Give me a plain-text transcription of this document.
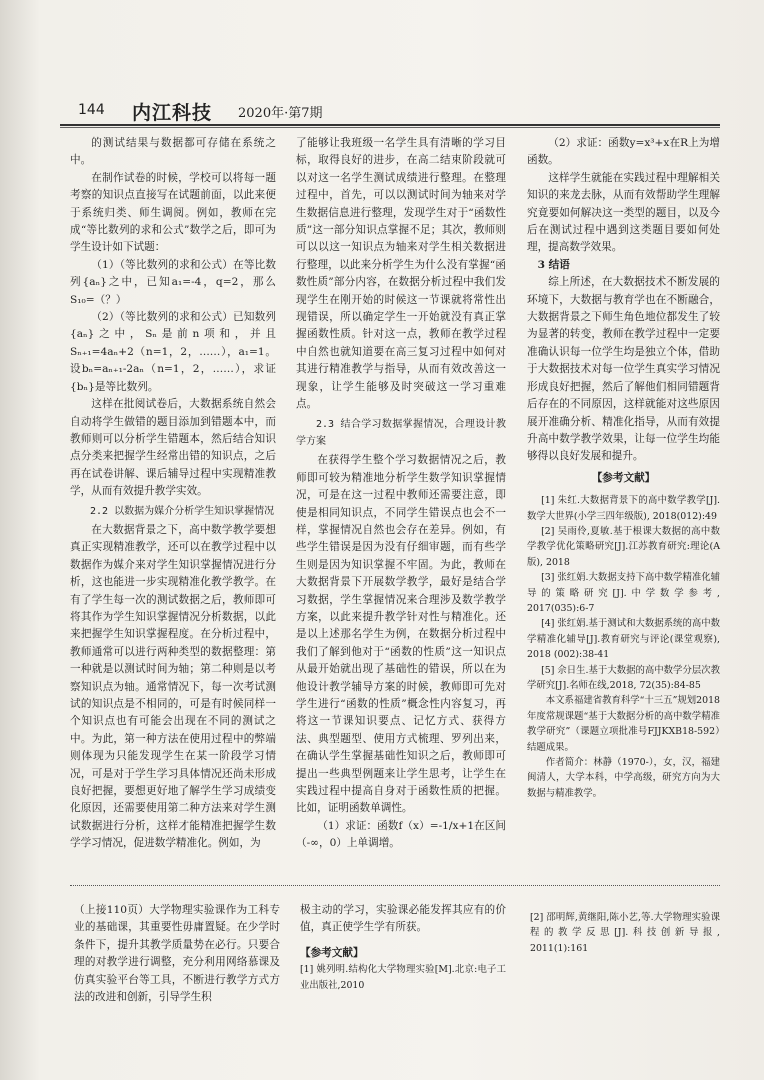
144 内江科技 2020年·第7期

的测试结果与数据都可存储在系统之中。

在制作试卷的时候，学校可以将每一题考察的知识点直接写在试题前面，以此来便于系统归类、师生调阅。例如，教师在完成“等比数列的求和公式”数学之后，即可为学生设计如下试题：

（1）（等比数列的求和公式）在等比数列{aₙ}之中，已知a₁=-4，q=2，那么S₁₀=（？）

（2）（等比数列的求和公式）已知数列{aₙ}之中，Sₙ是前n项和，并且Sₙ₊₁=4aₙ+2（n=1，2，……），a₁=1。设bₙ=aₙ₊₁-2aₙ（n=1，2，……），求证{bₙ}是等比数列。

这样在批阅试卷后，大数据系统自然会自动将学生做错的题目添加到错题本中，而教师则可以分析学生错题本，然后结合知识点分类来把握学生经常出错的知识点，之后再在试卷讲解、课后辅导过程中实现精准教学，从而有效提升教学实效。

2.2 以数据为媒介分析学生知识掌握情况

在大数据背景之下，高中数学教学要想真正实现精准教学，还可以在教学过程中以数据作为媒介来对学生知识掌握情况进行分析，这也能进一步实现精准化教学教学。在有了学生每一次的测试数据之后，教师即可将其作为学生知识掌握情况分析数据，以此来把握学生知识掌握程度。在分析过程中，教师通常可以进行两种类型的数据整理：第一种就是以测试时间为轴；第二种则是以考察知识点为轴。通常情况下，每一次考试测试的知识点是不相同的，可是有时候同样一个知识点也有可能会出现在不同的测试之中。为此，第一种方法在使用过程中的弊端则体现为只能发现学生在某一阶段学习情况，可是对于学生学习具体情况还尚未形成良好把握，要想更好地了解学生学习成绩变化原因，还需要使用第二种方法来对学生测试数据进行分析，这样才能精准把握学生数学学习情况，促进数学精准化。例如，为

了能够让我班级一名学生具有清晰的学习目标，取得良好的进步，在高二结束阶段就可以对这一名学生测试成绩进行整理。在整理过程中，首先，可以以测试时间为轴来对学生数据信息进行整理，发现学生对于“函数性质”这一部分知识点掌握不足；其次，教师则可以以这一知识点为轴来对学生相关数据进行整理，以此来分析学生为什么没有掌握“函数性质”部分内容，在数据分析过程中我们发现学生在刚开始的时候这一节课就将常性出现错误，所以确定学生一开始就没有真正掌握函数性质。针对这一点，教师在教学过程中自然也就知道要在高三复习过程中如何对其进行精准教学与指导，从而有效改善这一现象，让学生能够及时突破这一学习重难点。

2.3 结合学习数据掌握情况，合理设计教学方案

在获得学生整个学习数据情况之后，教师即可较为精准地分析学生数学知识掌握情况，可是在这一过程中教师还需要注意，即使是相同知识点，不同学生错误点也会不一样，掌握情况自然也会存在差异。例如，有些学生错误是因为没有仔细审题，而有些学生则是因为知识掌握不牢固。为此，教师在大数据背景下开展数学教学，最好是结合学习数据，学生掌握情况来合理涉及数学教学方案，以此来提升教学针对性与精准化。还是以上述那名学生为例，在数据分析过程中我们了解到他对于“函数的性质”这一知识点从最开始就出现了基础性的错误，所以在为他设计教学辅导方案的时候，教师即可先对学生进行“函数的性质”概念性内容复习，再将这一节课知识要点、记忆方式、获得方法、典型题型、使用方式梳理、罗列出来，在确认学生掌握基础性知识之后，教师即可提出一些典型例题来让学生思考，让学生在实践过程中提高自身对于函数性质的把握。比如，证明函数单调性。

（1）求证：函数f（x）=-1/x+1在区间（-∞，0）上单调增。

（2）求证：函数y=x³+x在R上为增函数。

这样学生就能在实践过程中理解相关知识的来龙去脉，从而有效帮助学生理解究竟要如何解决这一类型的题目，以及今后在测试过程中遇到这类题目要如何处理，提高数学效果。

3 结语

综上所述，在大数据技术不断发展的环境下，大数据与教育学也在不断融合，大数据背景之下师生角色地位都发生了较为显著的转变，教师在教学过程中一定要准确认识每一位学生均是独立个体，借助于大数据技术对每一位学生真实学习情况形成良好把握，然后了解他们相同错题背后存在的不同原因，这样就能对这些原因展开准确分析、精准化指导，从而有效提升高中数学教学效果，让每一位学生均能够得以良好发展和提升。

【参考文献】

[1] 朱红.大数据背景下的高中数学教学[J].数学大世界(小学三四年级版), 2018(012):49

[2] 吴雨伶,夏敏.基于根课大数据的高中数学教学优化策略研究[J].江苏教育研究:理论(A版), 2018

[3] 张红娟.大数据支持下高中数学精准化辅导的策略研究[J].中学数学参考, 2017(035):6-7

[4] 张红娟.基于测试和大数据系统的高中数学精准化辅导[J].教育研究与评论(课堂观察), 2018 (002):38-41

[5] 佘日生.基于大数据的高中数学分层次教学研究[J].名师在线,2018, 72(35):84-85

本文系福建省教育科学“十三五”规划2018年度常规课题“基于大数据分析的高中数学精准教学研究”（课题立项批准号FJJKXB18-592）结题成果。

作者简介：林静（1970-），女，汉，福建闽清人，大学本科，中学高级，研究方向为大数据与精准教学。

（上接110页）大学物理实验课作为工科专业的基础课，其重要性毋庸置疑。在少学时条件下，提升其教学质量势在必行。只要合理的对教学进行调整，充分利用网络慕课及仿真实验平台等工具，不断进行教学方式方法的改进和创新，引导学生积

极主动的学习，实验课必能发挥其应有的价值，真正使学生学有所获。

【参考文献】

[1] 姚列明.结构化大学物理实验[M].北京:电子工业出版社,2010

[2] 邵明辉,黄继阳,陈小艺,等.大学物理实验课程的教学反思[J].科技创新导报, 2011(1):161
